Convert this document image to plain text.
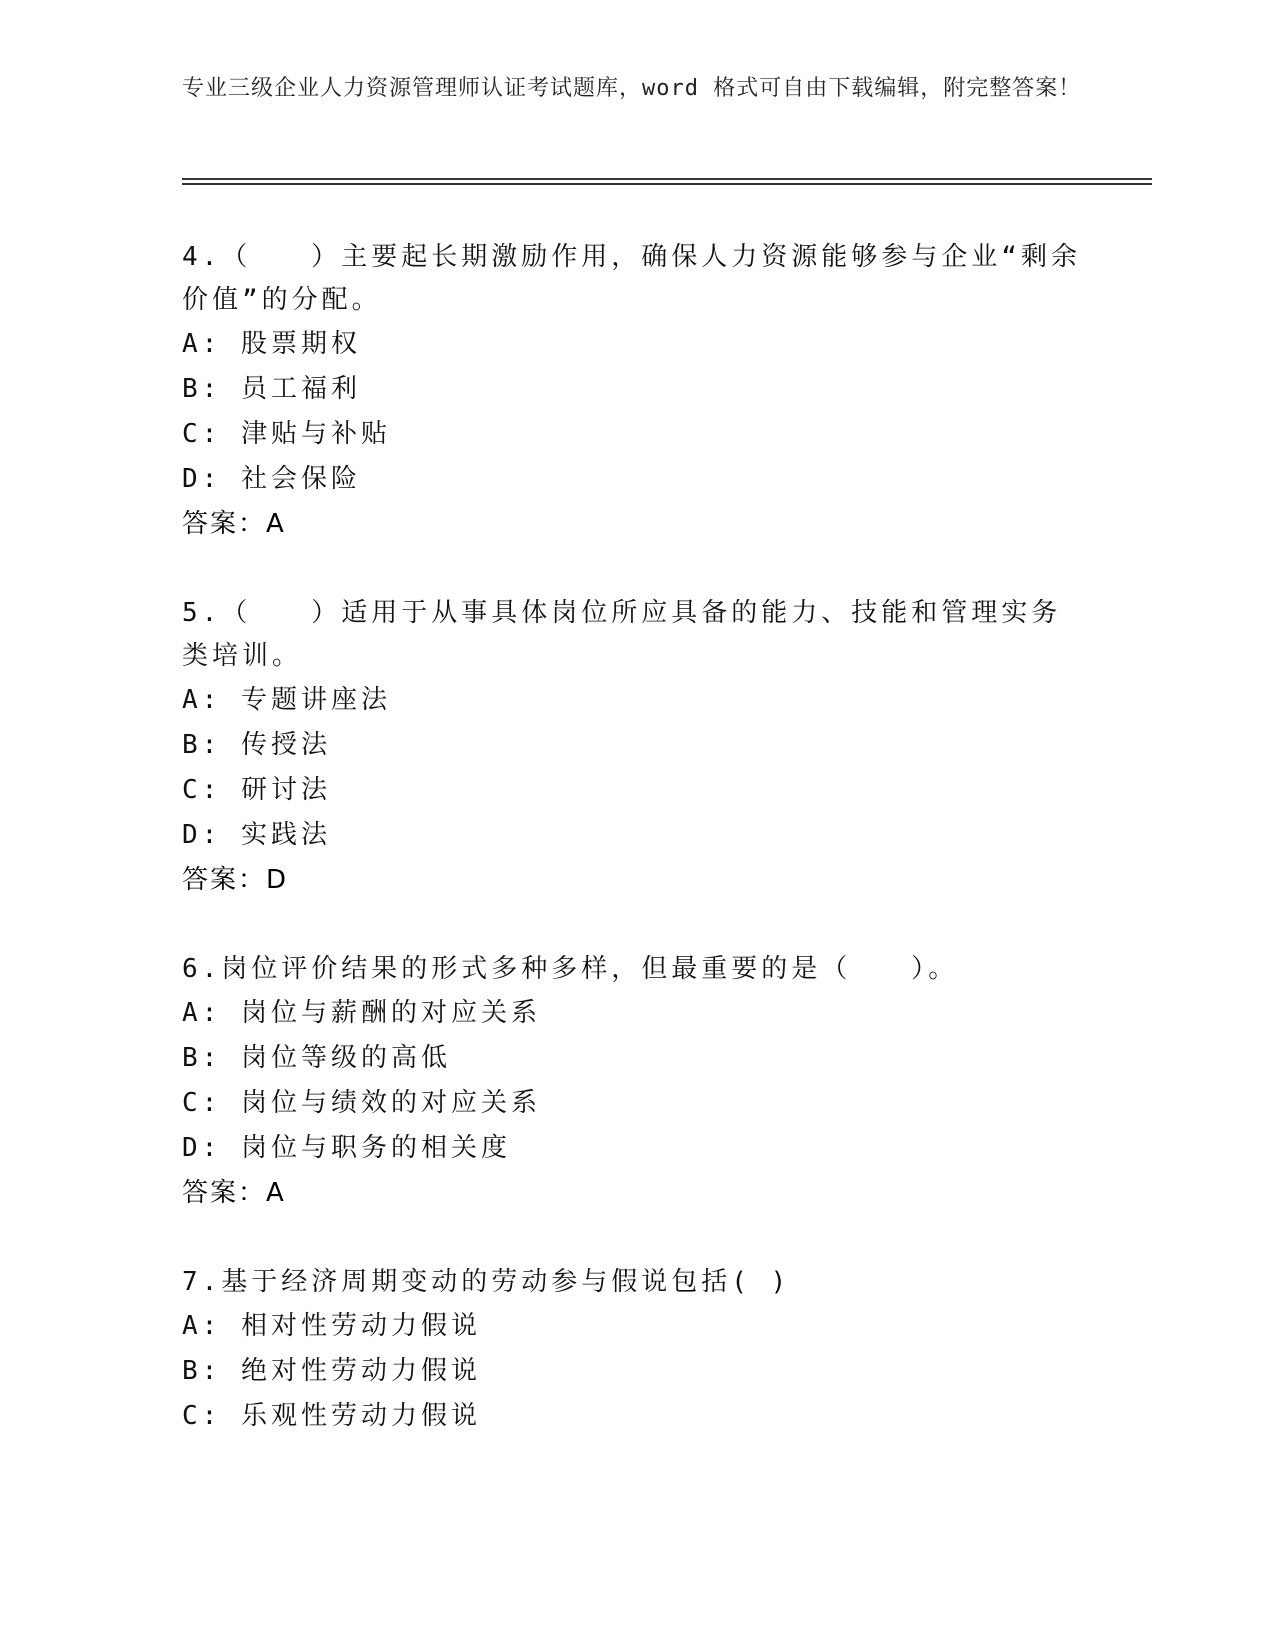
专业三级企业人力资源管理师认证考试题库，word 格式可自由下载编辑，附完整答案！

4.（　　）主要起长期激励作用，确保人力资源能够参与企业“剩余价值”的分配。

A: 股票期权

B: 员工福利

C: 津贴与补贴

D: 社会保险

答案：A

5.（　　）适用于从事具体岗位所应具备的能力、技能和管理实务类培训。

A: 专题讲座法

B: 传授法

C: 研讨法

D: 实践法

答案：D

6.岗位评价结果的形式多种多样，但最重要的是（　　）。

A: 岗位与薪酬的对应关系

B: 岗位等级的高低

C: 岗位与绩效的对应关系

D: 岗位与职务的相关度

答案：A

7.基于经济周期变动的劳动参与假说包括( )

A: 相对性劳动力假说

B: 绝对性劳动力假说

C: 乐观性劳动力假说
